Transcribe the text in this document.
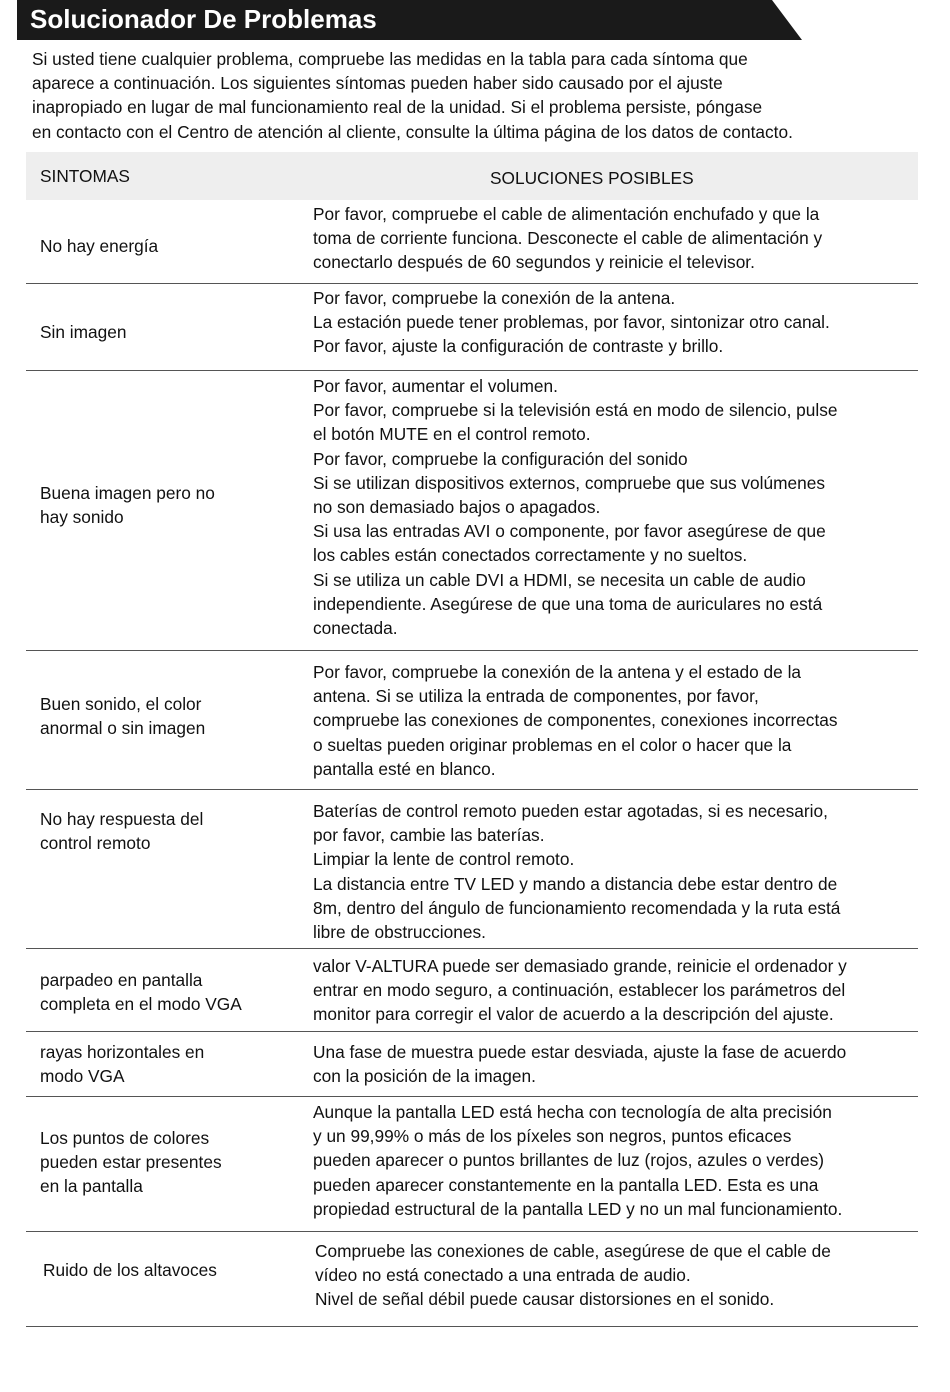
Solucionador De Problemas
Si usted tiene cualquier problema, compruebe las medidas en la tabla para cada síntoma que
aparece a continuación. Los siguientes síntomas pueden haber sido causado por el ajuste
inapropiado en lugar de mal funcionamiento real de la unidad. Si el problema persiste, póngase
en contacto con el Centro de atención al cliente, consulte la última página de los datos de contacto.
SINTOMAS	SOLUCIONES POSIBLES
No hay energía
Por favor, compruebe el cable de alimentación enchufado y que la
toma de corriente funciona. Desconecte el cable de alimentación y
conectarlo después de 60 segundos y reinicie el televisor.
Sin imagen
Por favor, compruebe la conexión de la antena.
La estación puede tener problemas, por favor, sintonizar otro canal.
Por favor, ajuste la configuración de contraste y brillo.
Buena imagen pero no
hay sonido
Por favor, aumentar el volumen.
Por favor, compruebe si la televisión está en modo de silencio, pulse
el botón MUTE en el control remoto.
Por favor, compruebe la configuración del sonido
Si se utilizan dispositivos externos, compruebe que sus volúmenes
no son demasiado bajos o apagados.
Si usa las entradas AVI o componente, por favor asegúrese de que
los cables están conectados correctamente y no sueltos.
Si se utiliza un cable DVI a HDMI, se necesita un cable de audio
independiente. Asegúrese de que una toma de auriculares no está
conectada.
Buen sonido, el color
anormal o sin imagen
Por favor, compruebe la conexión de la antena y el estado de la
antena. Si se utiliza la entrada de componentes, por favor,
compruebe las conexiones de componentes, conexiones incorrectas
o sueltas pueden originar problemas en el color o hacer que la
pantalla esté en blanco.
No hay respuesta del
control remoto
Baterías de control remoto pueden estar agotadas, si es necesario,
por favor, cambie las baterías.
Limpiar la lente de control remoto.
La distancia entre TV LED y mando a distancia debe estar dentro de
8m, dentro del ángulo de funcionamiento recomendada y la ruta está
libre de obstrucciones.
parpadeo en pantalla
completa en el modo VGA
valor V-ALTURA puede ser demasiado grande, reinicie el ordenador y
entrar en modo seguro, a continuación, establecer los parámetros del
monitor para corregir el valor de acuerdo a la descripción del ajuste.
rayas horizontales en
modo VGA
Una fase de muestra puede estar desviada, ajuste la fase de acuerdo
con la posición de la imagen.
Los puntos de colores
pueden estar presentes
en la pantalla
Aunque la pantalla LED está hecha con tecnología de alta precisión
y un 99,99% o más de los píxeles son negros, puntos eficaces
pueden aparecer o puntos brillantes de luz (rojos, azules o verdes)
pueden aparecer constantemente en la pantalla LED. Esta es una
propiedad estructural de la pantalla LED y no un mal funcionamiento.
Ruido de los altavoces
Compruebe las conexiones de cable, asegúrese de que el cable de
vídeo no está conectado a una entrada de audio.
Nivel de señal débil puede causar distorsiones en el sonido.
